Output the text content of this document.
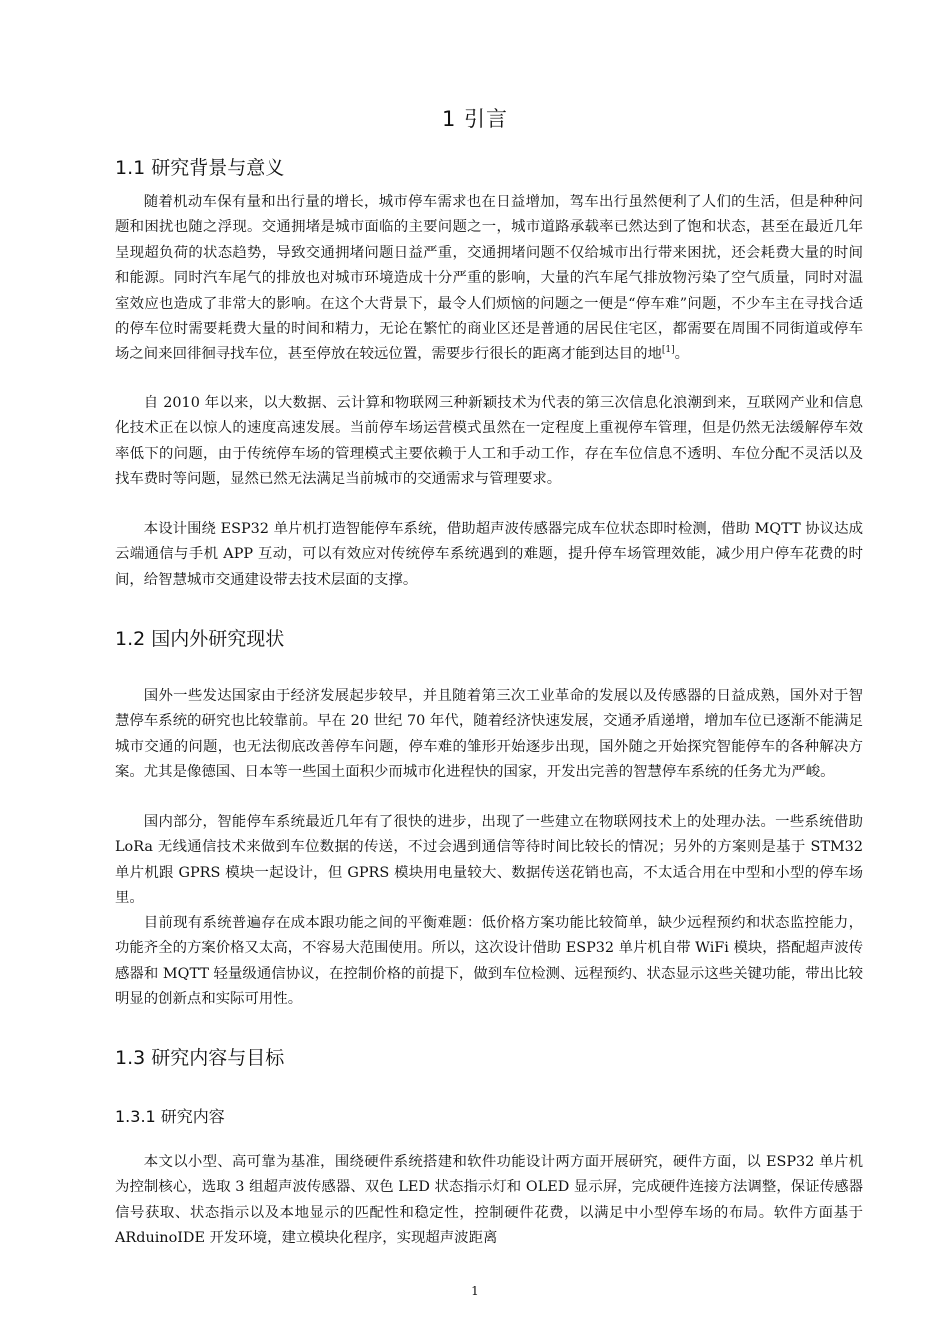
1 引言
1.1 研究背景与意义

随着机动车保有量和出行量的增长，城市停车需求也在日益增加，驾车出行虽然便利了人们的生活，但是种种问题和困扰也随之浮现。交通拥堵是城市面临的主要问题之一，城市道路承载率已然达到了饱和状态，甚至在最近几年呈现超负荷的状态趋势，导致交通拥堵问题日益严重，交通拥堵问题不仅给城市出行带来困扰，还会耗费大量的时间和能源。同时汽车尾气的排放也对城市环境造成十分严重的影响，大量的汽车尾气排放物污染了空气质量，同时对温室效应也造成了非常大的影响。在这个大背景下，最令人们烦恼的问题之一便是“停车难”问题，不少车主在寻找合适的停车位时需要耗费大量的时间和精力，无论在繁忙的商业区还是普通的居民住宅区，都需要在周围不同街道或停车场之间来回徘徊寻找车位，甚至停放在较远位置，需要步行很长的距离才能到达目的地[1]。

自 2010 年以来，以大数据、云计算和物联网三种新颖技术为代表的第三次信息化浪潮到来，互联网产业和信息化技术正在以惊人的速度高速发展。当前停车场运营模式虽然在一定程度上重视停车管理，但是仍然无法缓解停车效率低下的问题，由于传统停车场的管理模式主要依赖于人工和手动工作，存在车位信息不透明、车位分配不灵活以及找车费时等问题，显然已然无法满足当前城市的交通需求与管理要求。

本设计围绕 ESP32 单片机打造智能停车系统，借助超声波传感器完成车位状态即时检测，借助 MQTT 协议达成云端通信与手机 APP 互动，可以有效应对传统停车系统遇到的难题，提升停车场管理效能，减少用户停车花费的时间，给智慧城市交通建设带去技术层面的支撑。

1.2 国内外研究现状

国外一些发达国家由于经济发展起步较早，并且随着第三次工业革命的发展以及传感器的日益成熟，国外对于智慧停车系统的研究也比较靠前。早在 20 世纪 70 年代，随着经济快速发展，交通矛盾递增，增加车位已逐渐不能满足城市交通的问题，也无法彻底改善停车问题，停车难的雏形开始逐步出现，国外随之开始探究智能停车的各种解决方案。尤其是像德国、日本等一些国土面积少而城市化进程快的国家，开发出完善的智慧停车系统的任务尤为严峻。

国内部分，智能停车系统最近几年有了很快的进步，出现了一些建立在物联网技术上的处理办法。一些系统借助 LoRa 无线通信技术来做到车位数据的传送，不过会遇到通信等待时间比较长的情况；另外的方案则是基于 STM32 单片机跟 GPRS 模块一起设计，但 GPRS 模块用电量较大、数据传送花销也高，不太适合用在中型和小型的停车场里。

目前现有系统普遍存在成本跟功能之间的平衡难题：低价格方案功能比较简单，缺少远程预约和状态监控能力，功能齐全的方案价格又太高，不容易大范围使用。所以，这次设计借助 ESP32 单片机自带 WiFi 模块，搭配超声波传感器和 MQTT 轻量级通信协议，在控制价格的前提下，做到车位检测、远程预约、状态显示这些关键功能，带出比较明显的创新点和实际可用性。

1.3 研究内容与目标
1.3.1 研究内容

本文以小型、高可靠为基准，围绕硬件系统搭建和软件功能设计两方面开展研究，硬件方面，以 ESP32 单片机为控制核心，选取 3 组超声波传感器、双色 LED 状态指示灯和 OLED 显示屏，完成硬件连接方法调整，保证传感器信号获取、状态指示以及本地显示的匹配性和稳定性，控制硬件花费，以满足中小型停车场的布局。软件方面基于 ARduinoIDE 开发环境，建立模块化程序，实现超声波距离

1
